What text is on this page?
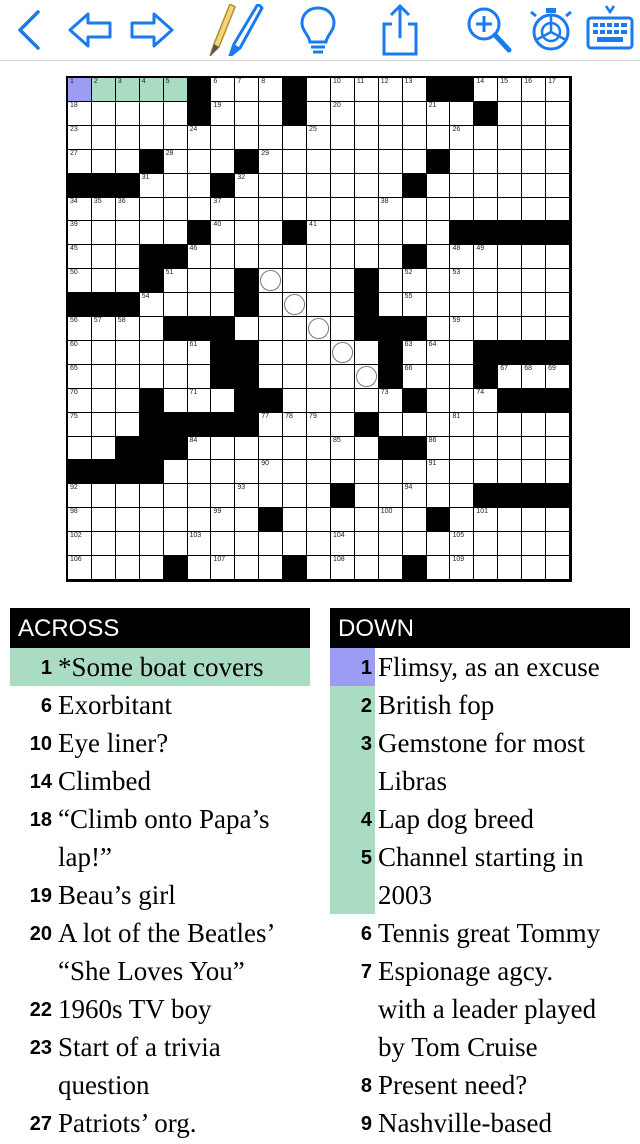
1	2	3	4	5	6	7	8	10 11 12 13	14 15 16 17
18	19	20	21
23	24	25	26
27	28	29
31	32
34 35 36	37	38
39	40	41
45	46	48 49
50	51	52	53
54	55
56 57 58	59
60	61	63 64
65	66	67 68 69
70	71	73	74
75	77 78 79	81
84	85	86
90	91
92	93	94
98	99	100	101
102	103	104	105
106	107	108	109
ACROSS
1 *Some boat covers
6 Exorbitant
10 Eye liner?
14 Climbed
18 “Climb onto Papa’s
lap!”
19 Beau’s girl
20 A lot of the Beatles’
“She Loves You”
22 1960s TV boy
23 Start of a trivia
question
27 Patriots’ org.
DOWN
1 Flimsy, as an excuse
2 British fop
3 Gemstone for most
Libras
4 Lap dog breed
5 Channel starting in
2003
6 Tennis great Tommy
7 Espionage agcy.
with a leader played
by Tom Cruise
8 Present need?
9 Nashville-based
